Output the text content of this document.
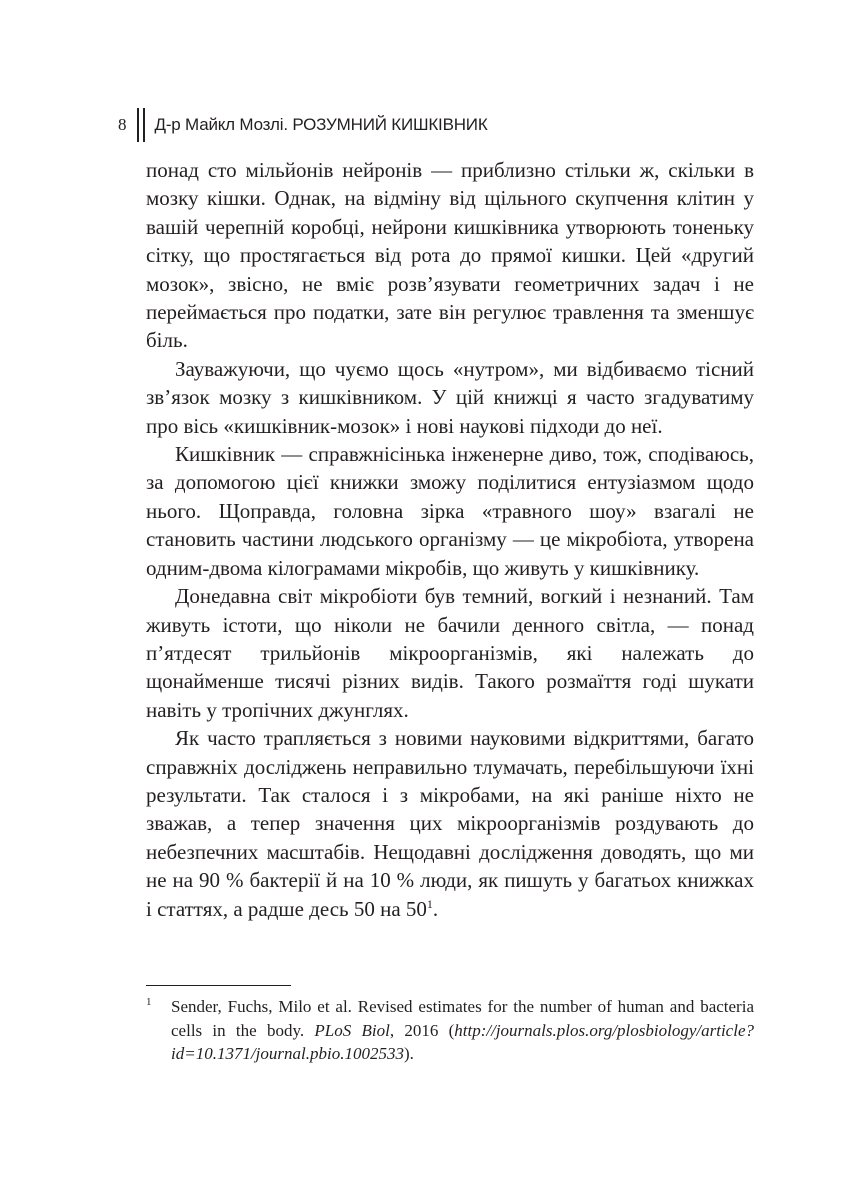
8 Д-р Майкл Мозлі. РОЗУМНИЙ КИШКІВНИК

понад сто мільйонів нейронів — приблизно стільки ж, скільки в мозку кішки. Однак, на відміну від щільного скупчення клітин у вашій черепній коробці, нейрони кишківника утворюють тоненьку сітку, що простягається від рота до прямої кишки. Цей «другий мозок», звісно, не вміє розв’язувати геометричних задач і не переймається про податки, зате він регулює травлення та зменшує біль.

Зауважуючи, що чуємо щось «нутром», ми відбиваємо тісний зв’язок мозку з кишківником. У цій книжці я часто згадуватиму про вісь «кишківник-мозок» і нові наукові підходи до неї.

Кишківник — справжнісінька інженерне диво, тож, сподіваюсь, за допомогою цієї книжки зможу поділитися ентузіазмом щодо нього. Щоправда, головна зірка «травного шоу» взагалі не становить частини людського організму — це мікробіота, утворена одним-двома кілограмами мікробів, що живуть у кишківнику.

Донедавна світ мікробіоти був темний, вогкий і незнаний. Там живуть істоти, що ніколи не бачили денного світла, — понад п’ятдесят трильйонів мікроорганізмів, які належать до щонайменше тисячі різних видів. Такого розмаїття годі шукати навіть у тропічних джунглях.

Як часто трапляється з новими науковими відкриттями, багато справжніх досліджень неправильно тлумачать, перебільшуючи їхні результати. Так сталося і з мікробами, на які раніше ніхто не зважав, а тепер значення цих мікроорганізмів роздувають до небезпечних масштабів. Нещодавні дослідження доводять, що ми не на 90 % бактерії й на 10 % люди, як пишуть у багатьох книжках і статтях, а радше десь 50 на $50^1$.

1 Sender, Fuchs, Milo et al. Revised estimates for the number of human and bacteria cells in the body. PLoS Biol, 2016 (http://journals.plos.org/plosbiology/article?id=10.1371/journal.pbio.1002533).
